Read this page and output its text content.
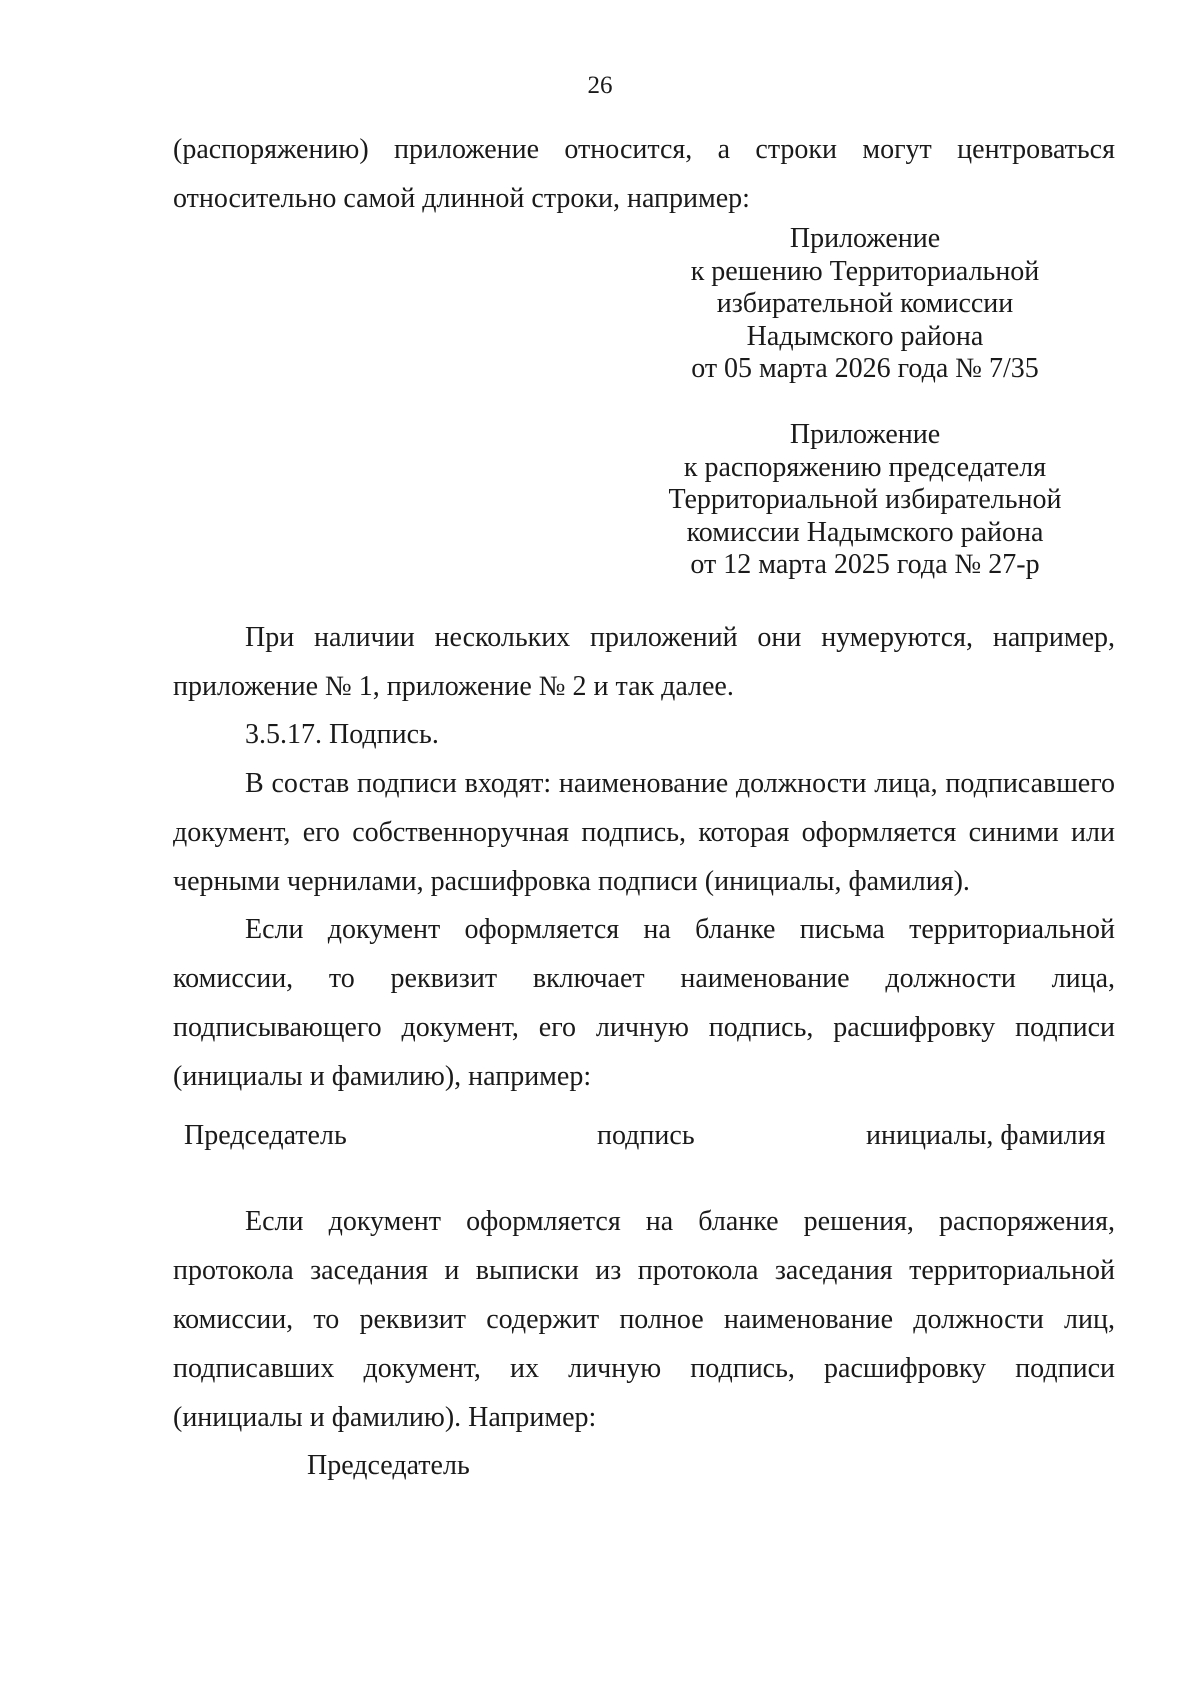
26

(распоряжению) приложение относится, а строки могут центроваться относительно самой длинной строки, например:

Приложение
к решению Территориальной
избирательной комиссии
Надымского района
от 05 марта 2026 года № 7/35
Приложение
к распоряжению председателя
Территориальной избирательной
комиссии Надымского района
от 12 марта 2025 года № 27-р

При наличии нескольких приложений они нумеруются, например, приложение № 1, приложение № 2 и так далее.

3.5.17. Подпись.

В состав подписи входят: наименование должности лица, подписавшего документ, его собственноручная подпись, которая оформляется синими или черными чернилами, расшифровка подписи (инициалы, фамилия).

Если документ оформляется на бланке письма территориальной комиссии, то реквизит включает наименование должности лица, подписывающего документ, его личную подпись, расшифровку подписи (инициалы и фамилию), например:

Председатель	подпись	инициалы, фамилия

Если документ оформляется на бланке решения, распоряжения, протокола заседания и выписки из протокола заседания территориальной комиссии, то реквизит содержит полное наименование должности лиц, подписавших документ, их личную подпись, расшифровку подписи (инициалы и фамилию). Например:

Председатель
